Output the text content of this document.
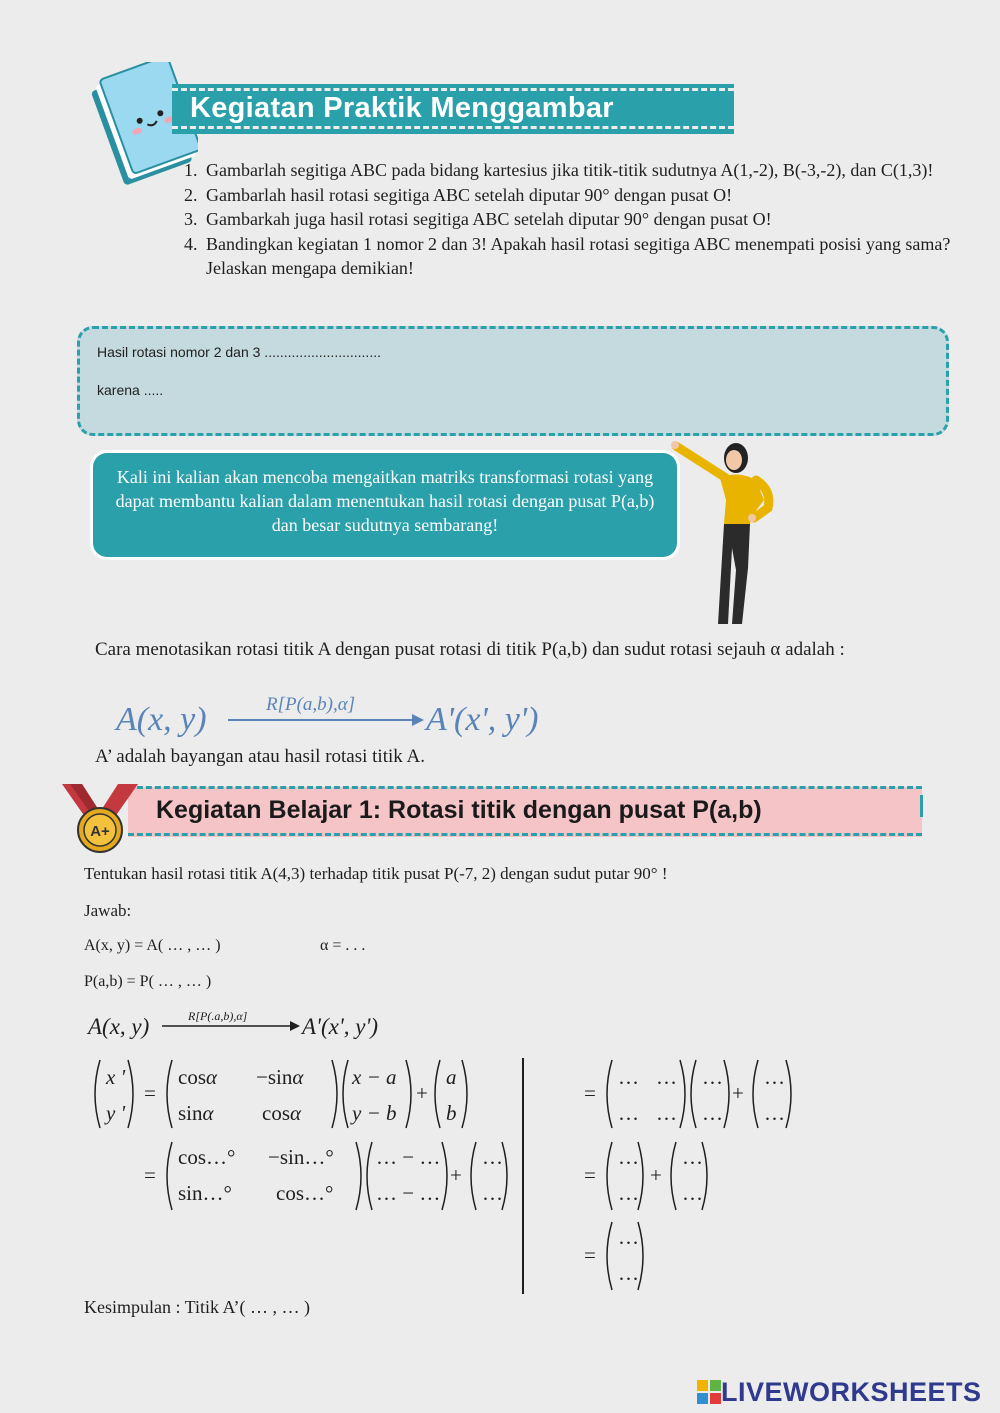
Kegiatan Praktik Menggambar
1. Gambarlah segitiga ABC pada bidang kartesius jika titik-titik sudutnya A(1,-2), B(-3,-2), dan C(1,3)!
2. Gambarlah hasil rotasi segitiga ABC setelah diputar 90° dengan pusat O!
3. Gambarkah juga hasil rotasi segitiga ABC setelah diputar 90° dengan pusat O!
4. Bandingkan kegiatan 1 nomor 2 dan 3! Apakah hasil rotasi segitiga ABC menempati posisi yang sama? Jelaskan mengapa demikian!
Hasil rotasi nomor 2 dan 3 ..............................
karena .....
Kali ini kalian akan mencoba mengaitkan matriks transformasi rotasi yang dapat membantu kalian dalam menentukan hasil rotasi dengan pusat P(a,b) dan besar sudutnya sembarang!
Cara menotasikan rotasi titik A dengan pusat rotasi di titik P(a,b) dan sudut rotasi sejauh α adalah :
A(x, y)	R[P(a,b),α] A'(x', y')
A’ adalah bayangan atau hasil rotasi titik A.
Kegiatan Belajar 1: Rotasi titik dengan pusat P(a,b)
A+
Tentukan hasil rotasi titik A(4,3) terhadap titik pusat P(-7, 2) dengan sudut putar 90° !
Jawab:
A(x, y) = A( … , … )	α = . . .
P(a,b) = P( … , … )
A(x, y)	R[P(.a,b),α] A'(x', y')
x '
y '
=
cosα −sinα
sinα cosα
x − a
y − b
+
a
b
=
cos…° −sin…°
sin…° cos…°
… − …
… − …
+
…
…
=
… …
… …
…
…
+
…
…
=
…
…
+
…
…
=
…
…
Kesimpulan : Titik A’( … , … )
LIVEWORKSHEETS
